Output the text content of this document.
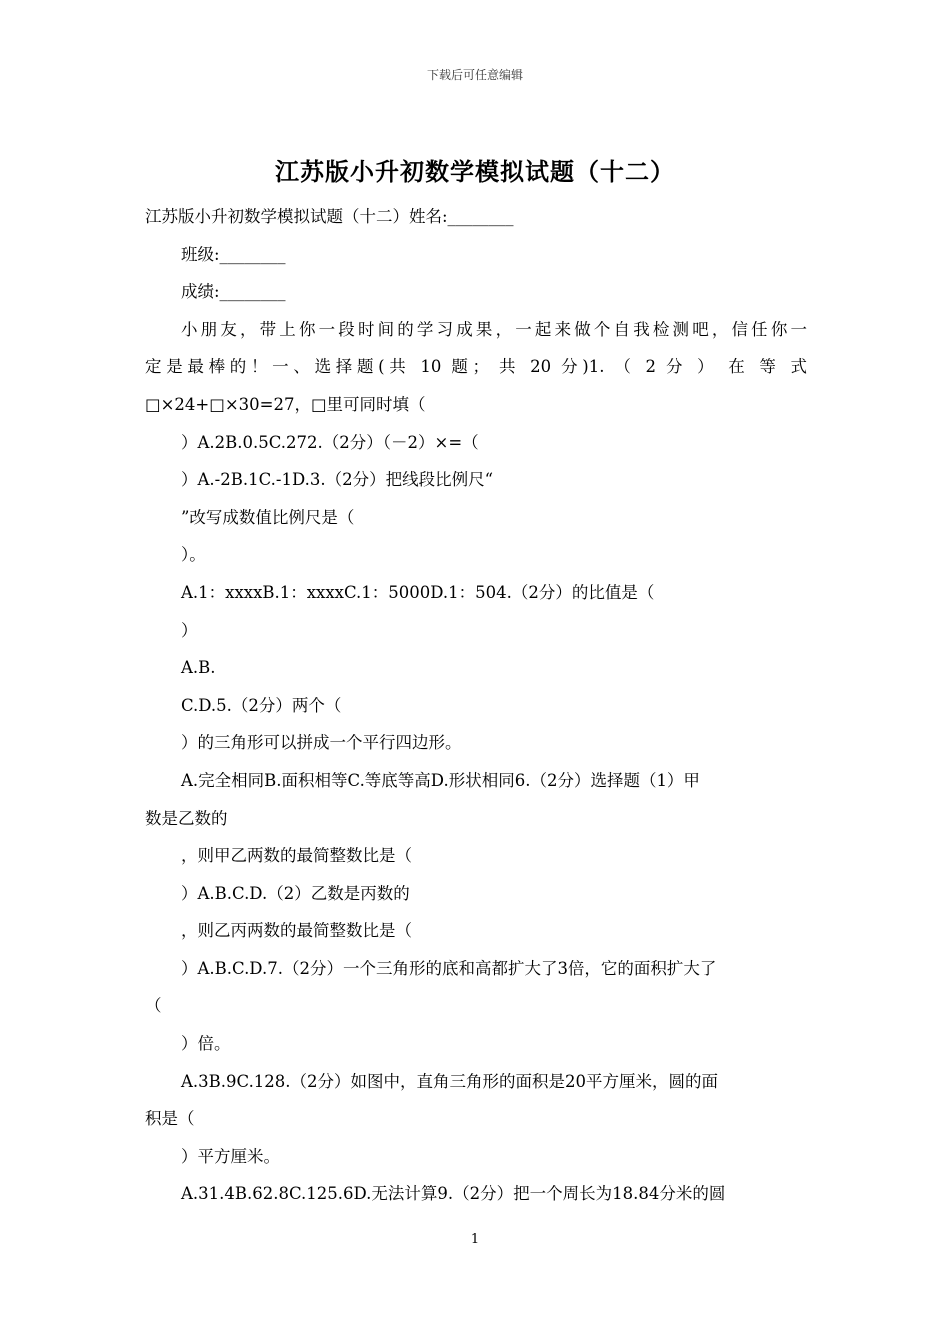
下载后可任意编辑
江苏版小升初数学模拟试题（十二）
江苏版小升初数学模拟试题（十二）姓名:________
班级:________
成绩:________
小朋友，带上你一段时间的学习成果，一起来做个自我检测吧，信任你一
定是最棒的！一、选择题(共 10 题； 共 20 分)1. （ 2 分 ） 在 等 式
□×24+□×30=27，□里可同时填（
）A.2B.0.5C.272.（2分）（－2）×=（
）A.-2B.1C.-1D.3.（2分）把线段比例尺“
”改写成数值比例尺是（
）。
A.1：xxxxB.1：xxxxC.1：5000D.1：504.（2分）的比值是（
）
A.B.
C.D.5.（2分）两个（
）的三角形可以拼成一个平行四边形。
A.完全相同B.面积相等C.等底等高D.形状相同6.（2分）选择题（1）甲
数是乙数的
，则甲乙两数的最简整数比是（
）A.B.C.D.（2）乙数是丙数的
，则乙丙两数的最简整数比是（
）A.B.C.D.7.（2分）一个三角形的底和高都扩大了3倍，它的面积扩大了
（
）倍。
A.3B.9C.128.（2分）如图中，直角三角形的面积是20平方厘米，圆的面
积是（
）平方厘米。
A.31.4B.62.8C.125.6D.无法计算9.（2分）把一个周长为18.84分米的圆
1
